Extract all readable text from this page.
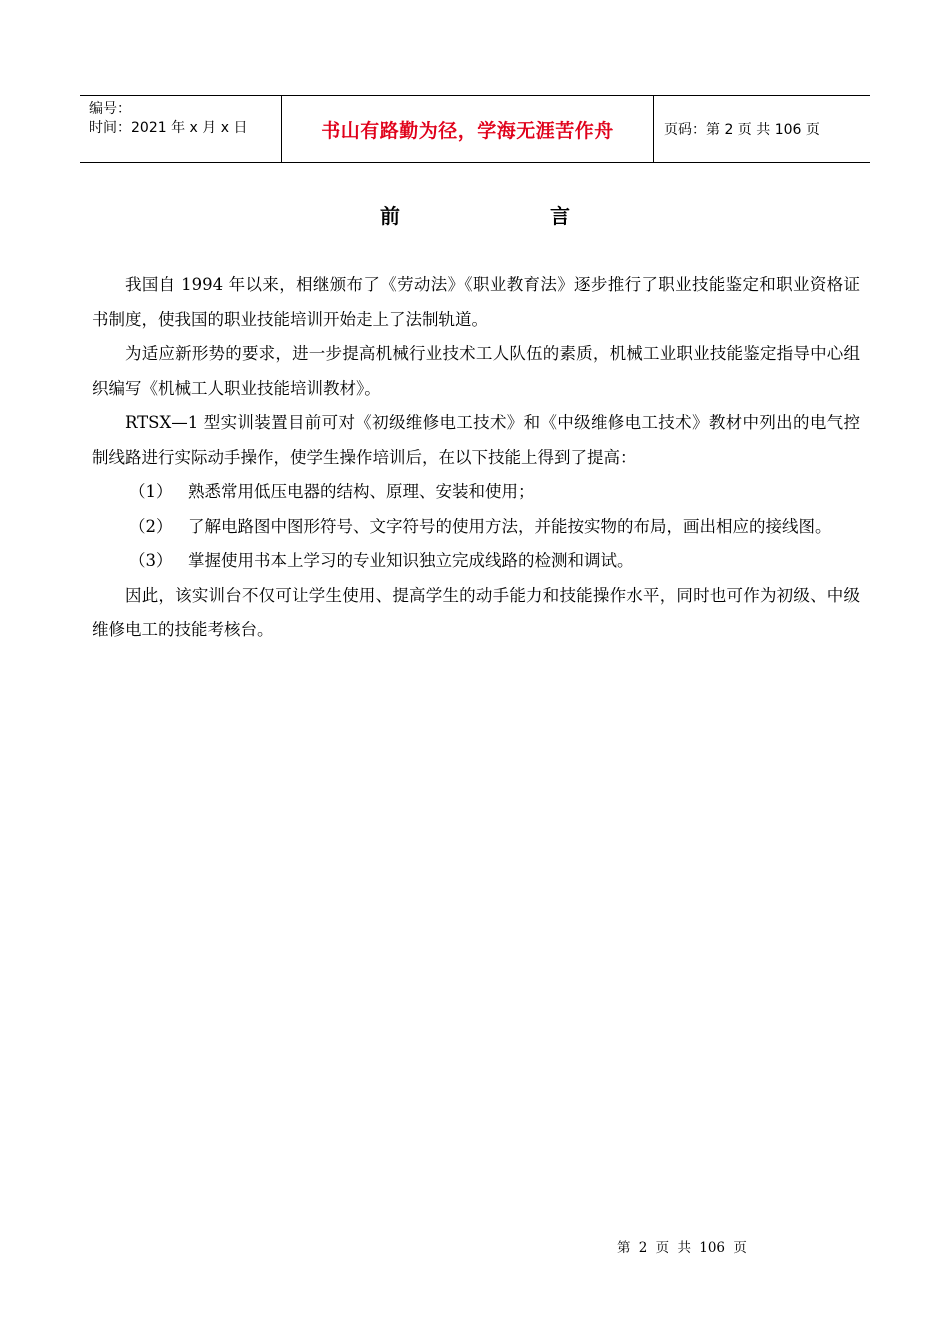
编号：
时间：2021 年 x 月 x 日	书山有路勤为径，学海无涯苦作舟	页码：第 2 页 共 106 页
前言

我国自 1994 年以来，相继颁布了《劳动法》《职业教育法》逐步推行了职业技能鉴定和职业资格证书制度，使我国的职业技能培训开始走上了法制轨道。

为适应新形势的要求，进一步提高机械行业技术工人队伍的素质，机械工业职业技能鉴定指导中心组织编写《机械工人职业技能培训教材》。

RTSX—1 型实训装置目前可对《初级维修电工技术》和《中级维修电工技术》教材中列出的电气控制线路进行实际动手操作，使学生操作培训后，在以下技能上得到了提高：

（1） 熟悉常用低压电器的结构、原理、安装和使用；
（2） 了解电路图中图形符号、文字符号的使用方法，并能按实物的布局，画出相应的接线图。
（3） 掌握使用书本上学习的专业知识独立完成线路的检测和调试。

因此，该实训台不仅可让学生使用、提高学生的动手能力和技能操作水平，同时也可作为初级、中级维修电工的技能考核台。

第 2 页 共 106 页
